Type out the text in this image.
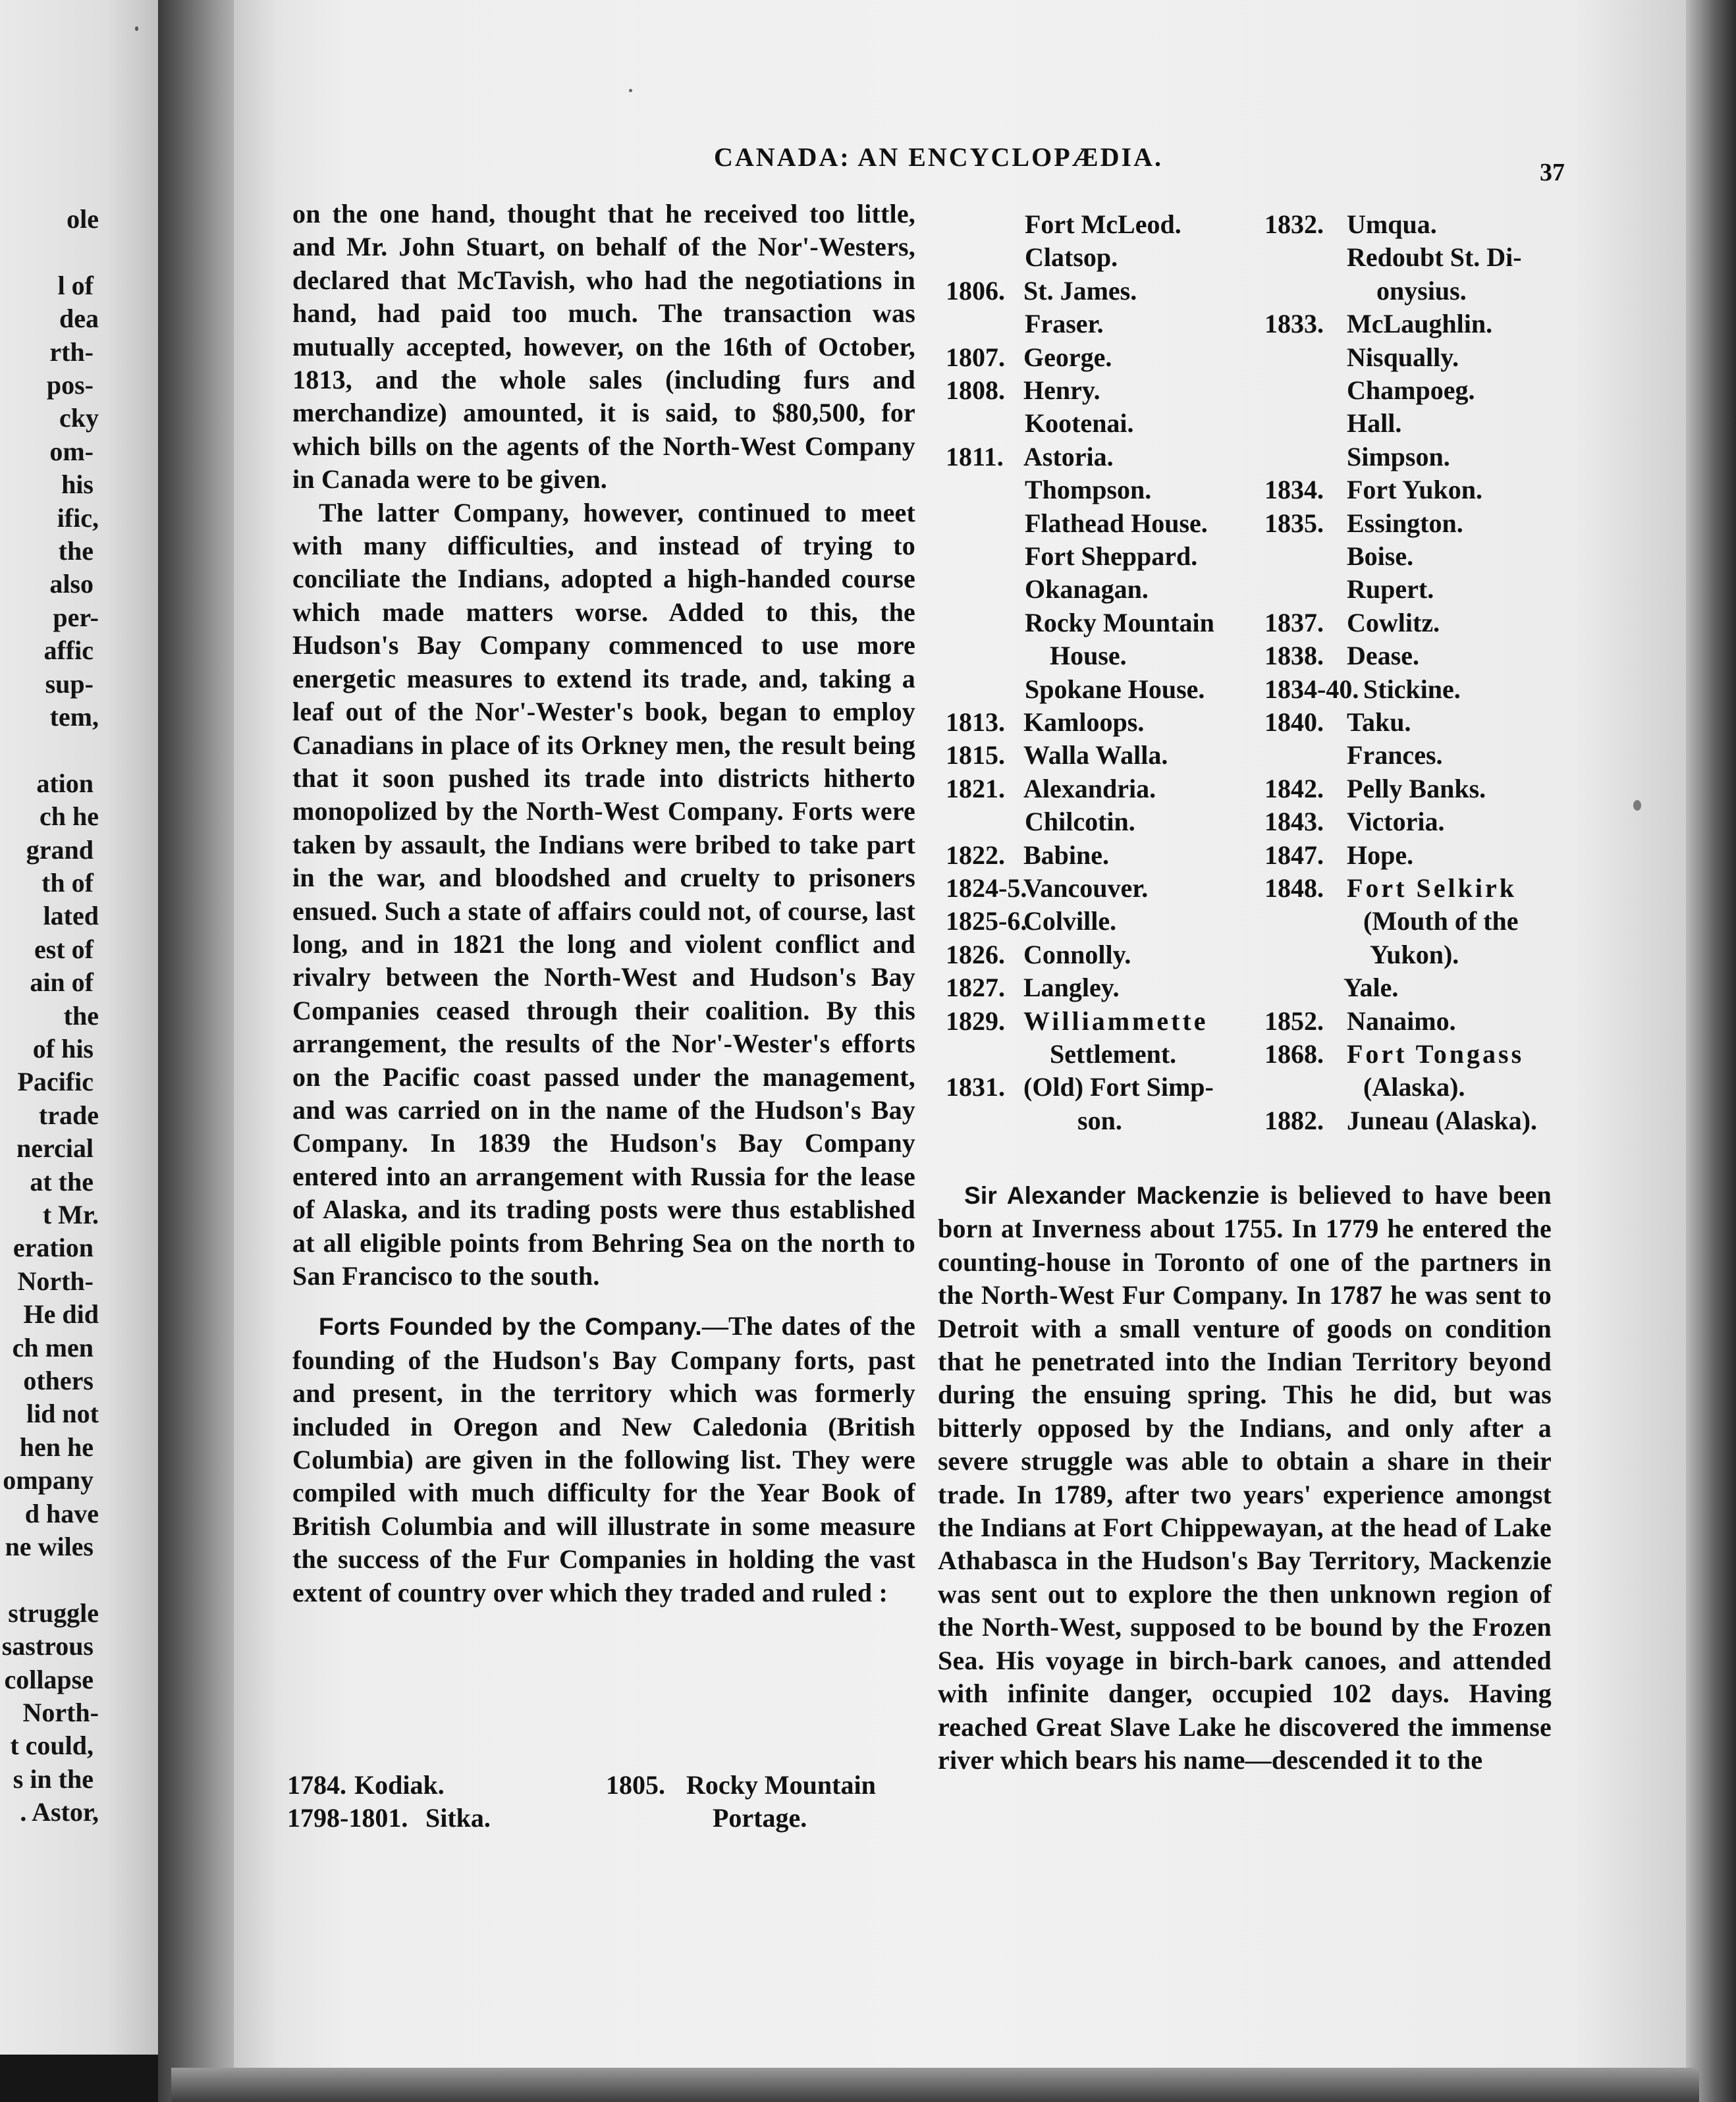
ole
l of
dea
rth-
pos-
cky
om-
his
ific,
the
also
per-
affic
sup-
tem,
ation
ch he
grand
th of
lated
est of
ain of
the
of his
Pacific
trade
nercial
at the
t Mr.
eration
North-
He did
ch men
others
lid not
hen he
ompany
d have
ne wiles
struggle
sastrous
collapse
North-
t could,
s in the
. Astor,
CANADA: AN ENCYCLOPÆDIA.
37

on the one hand, thought that he received too little, and Mr. John Stuart, on behalf of the Nor'-Westers, declared that McTavish, who had the negotiations in hand, had paid too much. The transaction was mutually accepted, however, on the 16th of October, 1813, and the whole sales (including furs and merchandize) amounted, it is said, to $80,500, for which bills on the agents of the North-West Company in Canada were to be given.

The latter Company, however, continued to meet with many difficulties, and instead of trying to conciliate the Indians, adopted a high-handed course which made matters worse. Added to this, the Hudson's Bay Company commenced to use more energetic measures to extend its trade, and, taking a leaf out of the Nor'-Wester's book, began to employ Canadians in place of its Orkney men, the result being that it soon pushed its trade into districts hitherto monopolized by the North-West Company. Forts were taken by assault, the Indians were bribed to take part in the war, and bloodshed and cruelty to prisoners ensued. Such a state of affairs could not, of course, last long, and in 1821 the long and violent conflict and rivalry between the North-West and Hudson's Bay Companies ceased through their coalition. By this arrangement, the results of the Nor'-Wester's efforts on the Pacific coast passed under the management, and was carried on in the name of the Hudson's Bay Company. In 1839 the Hudson's Bay Company entered into an arrangement with Russia for the lease of Alaska, and its trading posts were thus established at all eligible points from Behring Sea on the north to San Francisco to the south.

Forts Founded by the Company.—The dates of the founding of the Hudson's Bay Company forts, past and present, in the territory which was formerly included in Oregon and New Caledonia (British Columbia) are given in the following list. They were compiled with much difficulty for the Year Book of British Columbia and will illustrate in some measure the success of the Fur Companies in holding the vast extent of country over which they traded and ruled :

1784. Kodiak.
1798-1801. Sitka.
1805. Rocky Mountain
Portage.
Fort McLeod.
Clatsop.
1806. St. James.
Fraser.
1807. George.
1808. Henry.
Kootenai.
1811. Astoria.
Thompson.
Flathead House.
Fort Sheppard.
Okanagan.
Rocky Mountain
House.
Spokane House.
1813. Kamloops.
1815. Walla Walla.
1821. Alexandria.
Chilcotin.
1822. Babine.
1824-5.Vancouver.
1825-6.Colville.
1826. Connolly.
1827. Langley.
1829. Williammette
Settlement.
1831. (Old) Fort Simp-
son.
1832. Umqua.
Redoubt St. Di-
onysius.
1833. McLaughlin.
Nisqually.
Champoeg.
Hall.
Simpson.
1834. Fort Yukon.
1835. Essington.
Boise.
Rupert.
1837. Cowlitz.
1838. Dease.
1834-40. Stickine.
1840. Taku.
Frances.
1842. Pelly Banks.
1843. Victoria.
1847. Hope.
1848. Fort Selkirk
(Mouth of the
Yukon).
Yale.
1852. Nanaimo.
1868. Fort Tongass
(Alaska).
1882. Juneau (Alaska).

Sir Alexander Mackenzie is believed to have been born at Inverness about 1755. In 1779 he entered the counting-house in Toronto of one of the partners in the North-West Fur Company. In 1787 he was sent to Detroit with a small venture of goods on condition that he penetrated into the Indian Territory beyond during the ensuing spring. This he did, but was bitterly opposed by the Indians, and only after a severe struggle was able to obtain a share in their trade. In 1789, after two years' experience amongst the Indians at Fort Chippewayan, at the head of Lake Athabasca in the Hudson's Bay Territory, Mackenzie was sent out to explore the then unknown region of the North-West, supposed to be bound by the Frozen Sea. His voyage in birch-bark canoes, and attended with infinite danger, occupied 102 days. Having reached Great Slave Lake he discovered the immense river which bears his name—descended it to the
